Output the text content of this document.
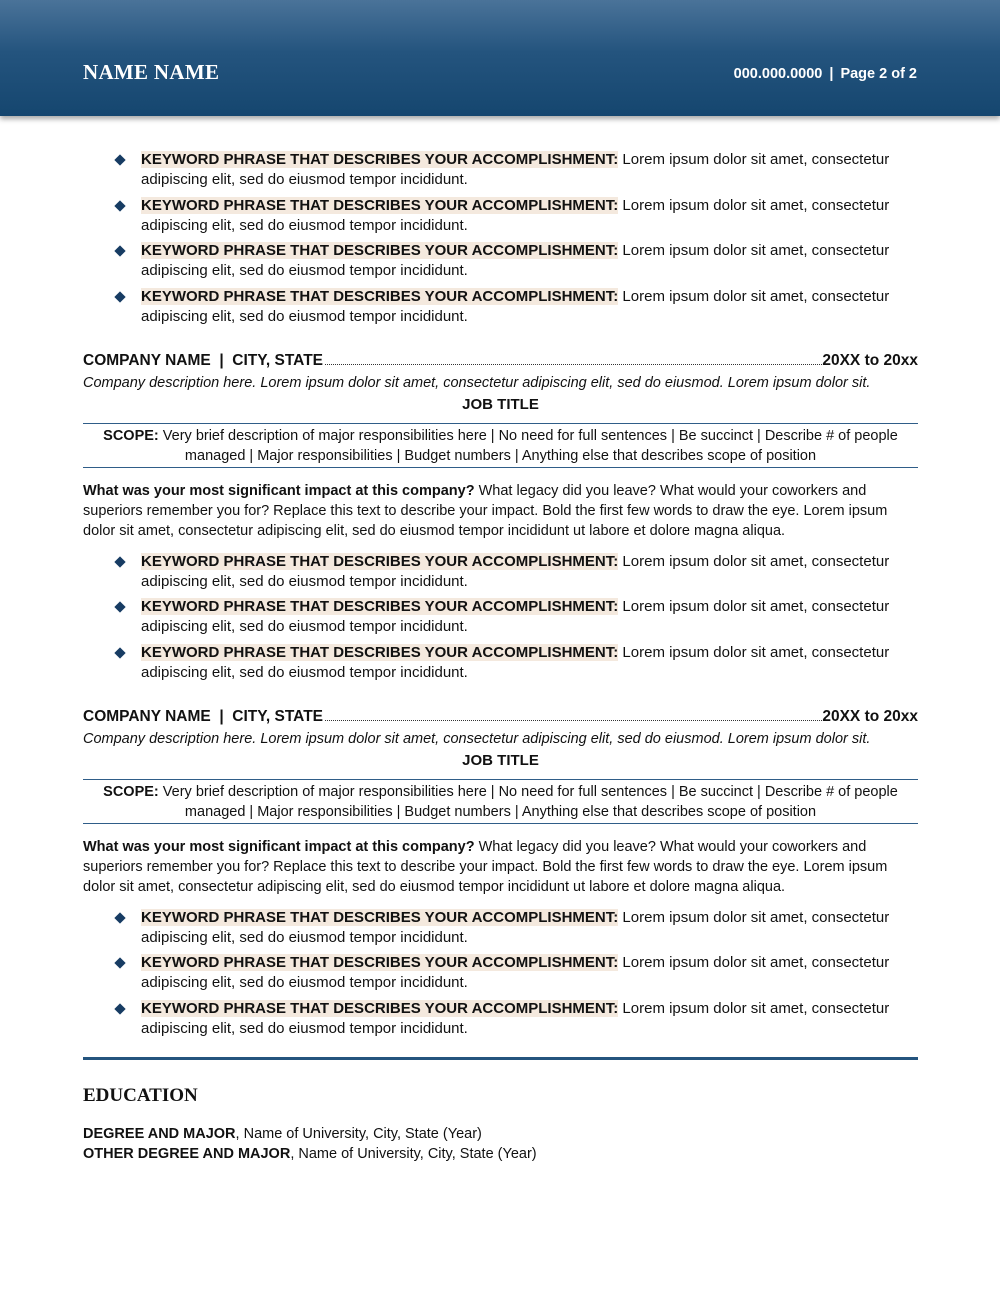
NAME NAME	000.000.0000 | Page 2 of 2
KEYWORD PHRASE THAT DESCRIBES YOUR ACCOMPLISHMENT: Lorem ipsum dolor sit amet, consectetur adipiscing elit, sed do eiusmod tempor incididunt.
KEYWORD PHRASE THAT DESCRIBES YOUR ACCOMPLISHMENT: Lorem ipsum dolor sit amet, consectetur adipiscing elit, sed do eiusmod tempor incididunt.
KEYWORD PHRASE THAT DESCRIBES YOUR ACCOMPLISHMENT: Lorem ipsum dolor sit amet, consectetur adipiscing elit, sed do eiusmod tempor incididunt.
KEYWORD PHRASE THAT DESCRIBES YOUR ACCOMPLISHMENT: Lorem ipsum dolor sit amet, consectetur adipiscing elit, sed do eiusmod tempor incididunt.
COMPANY NAME  |  CITY, STATE	20XX to 20xx
Company description here. Lorem ipsum dolor sit amet, consectetur adipiscing elit, sed do eiusmod. Lorem ipsum dolor sit.
JOB TITLE
SCOPE: Very brief description of major responsibilities here | No need for full sentences | Be succinct | Describe # of people managed | Major responsibilities | Budget numbers | Anything else that describes scope of position
What was your most significant impact at this company? What legacy did you leave? What would your coworkers and superiors remember you for? Replace this text to describe your impact. Bold the first few words to draw the eye. Lorem ipsum dolor sit amet, consectetur adipiscing elit, sed do eiusmod tempor incididunt ut labore et dolore magna aliqua.
KEYWORD PHRASE THAT DESCRIBES YOUR ACCOMPLISHMENT: Lorem ipsum dolor sit amet, consectetur adipiscing elit, sed do eiusmod tempor incididunt.
KEYWORD PHRASE THAT DESCRIBES YOUR ACCOMPLISHMENT: Lorem ipsum dolor sit amet, consectetur adipiscing elit, sed do eiusmod tempor incididunt.
KEYWORD PHRASE THAT DESCRIBES YOUR ACCOMPLISHMENT: Lorem ipsum dolor sit amet, consectetur adipiscing elit, sed do eiusmod tempor incididunt.
COMPANY NAME  |  CITY, STATE	20XX to 20xx
Company description here. Lorem ipsum dolor sit amet, consectetur adipiscing elit, sed do eiusmod. Lorem ipsum dolor sit.
JOB TITLE
SCOPE: Very brief description of major responsibilities here | No need for full sentences | Be succinct | Describe # of people managed | Major responsibilities | Budget numbers | Anything else that describes scope of position
What was your most significant impact at this company? What legacy did you leave? What would your coworkers and superiors remember you for? Replace this text to describe your impact. Bold the first few words to draw the eye. Lorem ipsum dolor sit amet, consectetur adipiscing elit, sed do eiusmod tempor incididunt ut labore et dolore magna aliqua.
KEYWORD PHRASE THAT DESCRIBES YOUR ACCOMPLISHMENT: Lorem ipsum dolor sit amet, consectetur adipiscing elit, sed do eiusmod tempor incididunt.
KEYWORD PHRASE THAT DESCRIBES YOUR ACCOMPLISHMENT: Lorem ipsum dolor sit amet, consectetur adipiscing elit, sed do eiusmod tempor incididunt.
KEYWORD PHRASE THAT DESCRIBES YOUR ACCOMPLISHMENT: Lorem ipsum dolor sit amet, consectetur adipiscing elit, sed do eiusmod tempor incididunt.
EDUCATION
DEGREE AND MAJOR, Name of University, City, State (Year)
OTHER DEGREE AND MAJOR, Name of University, City, State (Year)
